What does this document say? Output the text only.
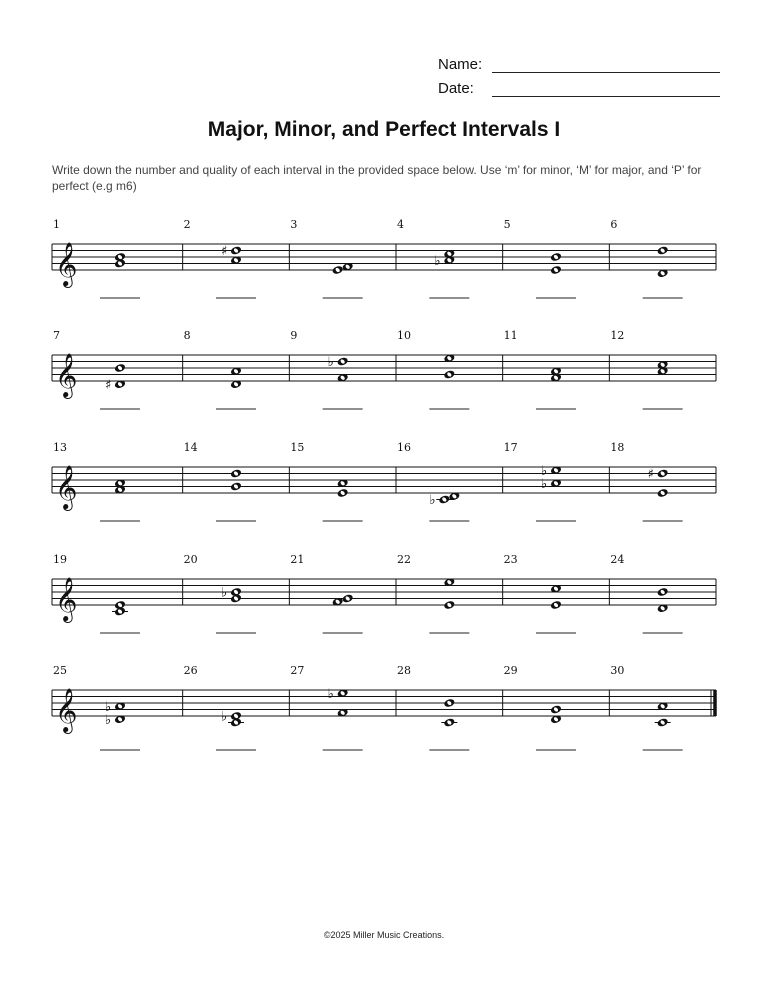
Name:
Date:
Major, Minor, and Perfect Intervals I
Write down the number and quality of each interval in the provided space below. Use ‘m’ for minor, ‘M’ for major, and ‘P’ for perfect (e.g m6)
𝄞
1	2
♯
3	4
♭
5	6
𝄞
7
♯
8	9
♭
10	11	12
𝄞
13	14	15	16
♭
17
♭
♭
18
♯
𝄞
19	20
♭
21	22	23	24
𝄞
25
♭
♭
26
♭
27
♭
28	29	30
©2025 Miller Music Creations.
